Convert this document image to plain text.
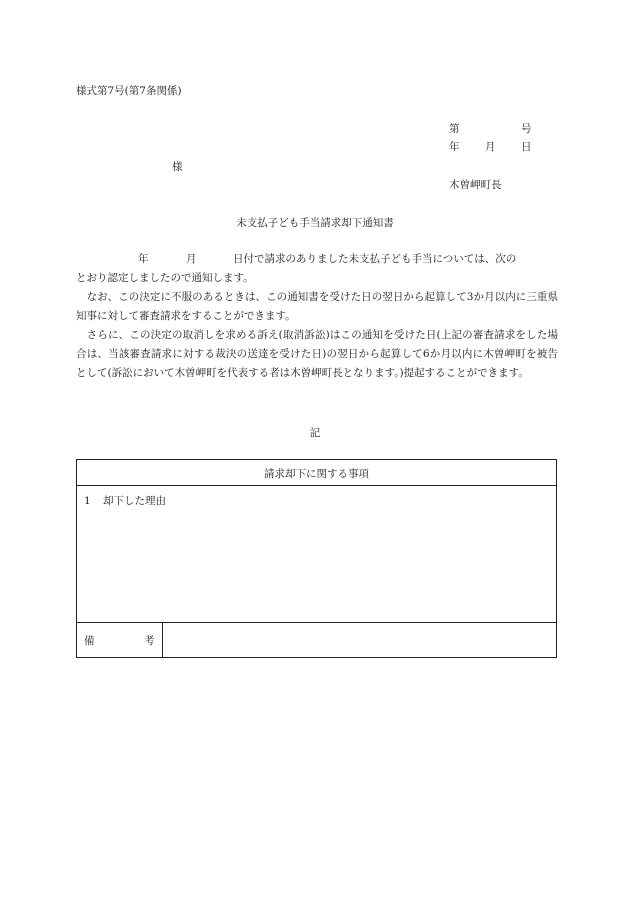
様式第7号(第7条関係)
第	号
年 月 日
様
木曽岬町長
未支払子ども手当請求却下通知書
年	月	日付で請求のありました未支払子ども手当については、次の
とおり認定しましたので通知します。
なお、この決定に不服のあるときは、この通知書を受けた日の翌日から起算して3か月以内に三重県知事に対して審査請求をすることができます。
さらに、この決定の取消しを求める訴え(取消訴訟)はこの通知を受けた日(上記の審査請求をした場合は、当該審査請求に対する裁決の送達を受けた日)の翌日から起算して6か月以内に木曽岬町を被告として(訴訟において木曽岬町を代表する者は木曽岬町長となります。)提起することができます。
記
請求却下に関する事項
1 却下した理由
備	考
